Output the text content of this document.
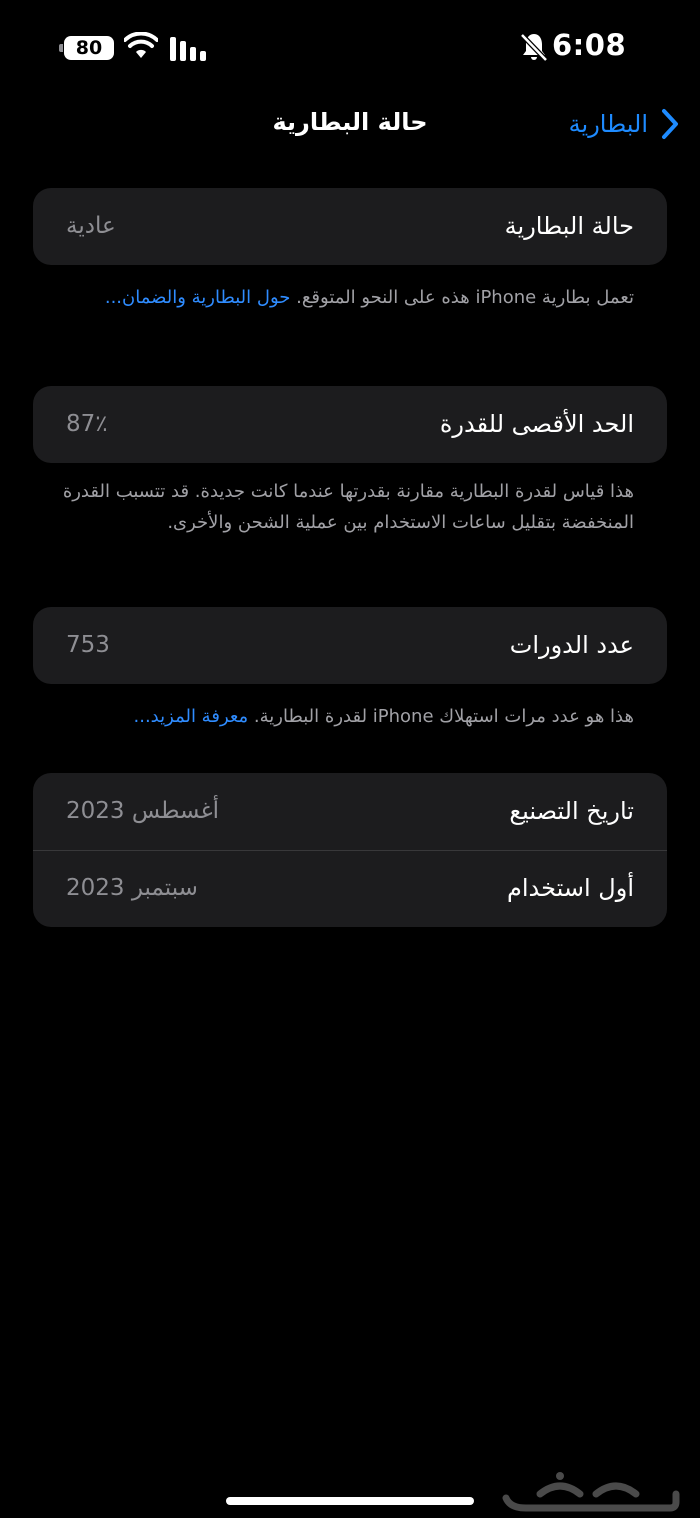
80	6:08
حالة البطارية	البطارية
حالة البطارية
عادية
تعمل بطارية iPhone هذه على النحو المتوقع. حول البطارية والضمان...
الحد الأقصى للقدرة
87٪
هذا قياس لقدرة البطارية مقارنة بقدرتها عندما كانت جديدة. قد تتسبب القدرة المنخفضة بتقليل ساعات الاستخدام بين عملية الشحن والأخرى.
عدد الدورات
753
هذا هو عدد مرات استهلاك iPhone لقدرة البطارية. معرفة المزيد...
تاريخ التصنيع
أغسطس 2023
أول استخدام
سبتمبر 2023
